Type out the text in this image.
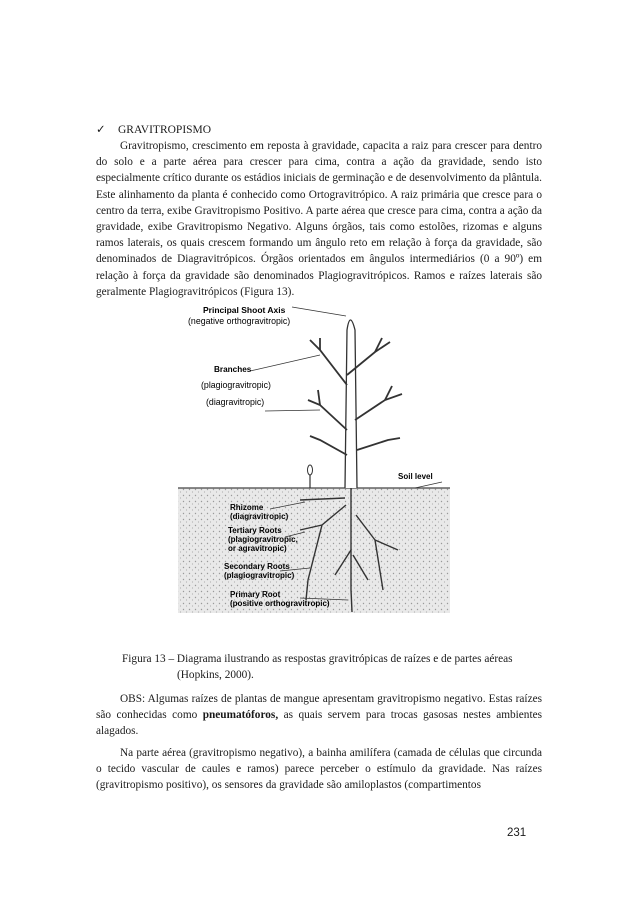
✓ GRAVITROPISMO
Gravitropismo, crescimento em reposta à gravidade, capacita a raiz para crescer para dentro do solo e a parte aérea para crescer para cima, contra a ação da gravidade, sendo isto especialmente crítico durante os estádios iniciais de germinação e de desenvolvimento da plântula. Este alinhamento da planta é conhecido como Ortogravitrópico. A raiz primária que cresce para o centro da terra, exibe Gravitropismo Positivo. A parte aérea que cresce para cima, contra a ação da gravidade, exibe Gravitropismo Negativo. Alguns órgãos, tais como estolões, rizomas e alguns ramos laterais, os quais crescem formando um ângulo reto em relação à força da gravidade, são denominados de Diagravitrópicos. Órgãos orientados em ângulos intermediários (0 a 90º) em relação à força da gravidade são denominados Plagiogravitrópicos. Ramos e raízes laterais são geralmente Plagiogravitrópicos (Figura 13).
Principal Shoot Axis
(negative orthogravitropic)
Branches
(plagiogravitropic)
(diagravitropic)
Soil level
Rhizome
(diagravitropic)
Tertiary Roots
(plagiogravitropic,
or agravitropic)
Secondary Roots
(plagiogravitropic)
Primary Root
(positive orthogravitropic)
Figura 13 – Diagrama ilustrando as respostas gravitrópicas de raízes e de partes aéreas
(Hopkins, 2000).
OBS: Algumas raízes de plantas de mangue apresentam gravitropismo negativo. Estas raízes são conhecidas como pneumatóforos, as quais servem para trocas gasosas nestes ambientes alagados.
Na parte aérea (gravitropismo negativo), a bainha amilífera (camada de células que circunda o tecido vascular de caules e ramos) parece perceber o estímulo da gravidade. Nas raízes (gravitropismo positivo), os sensores da gravidade são amiloplastos (compartimentos
231
